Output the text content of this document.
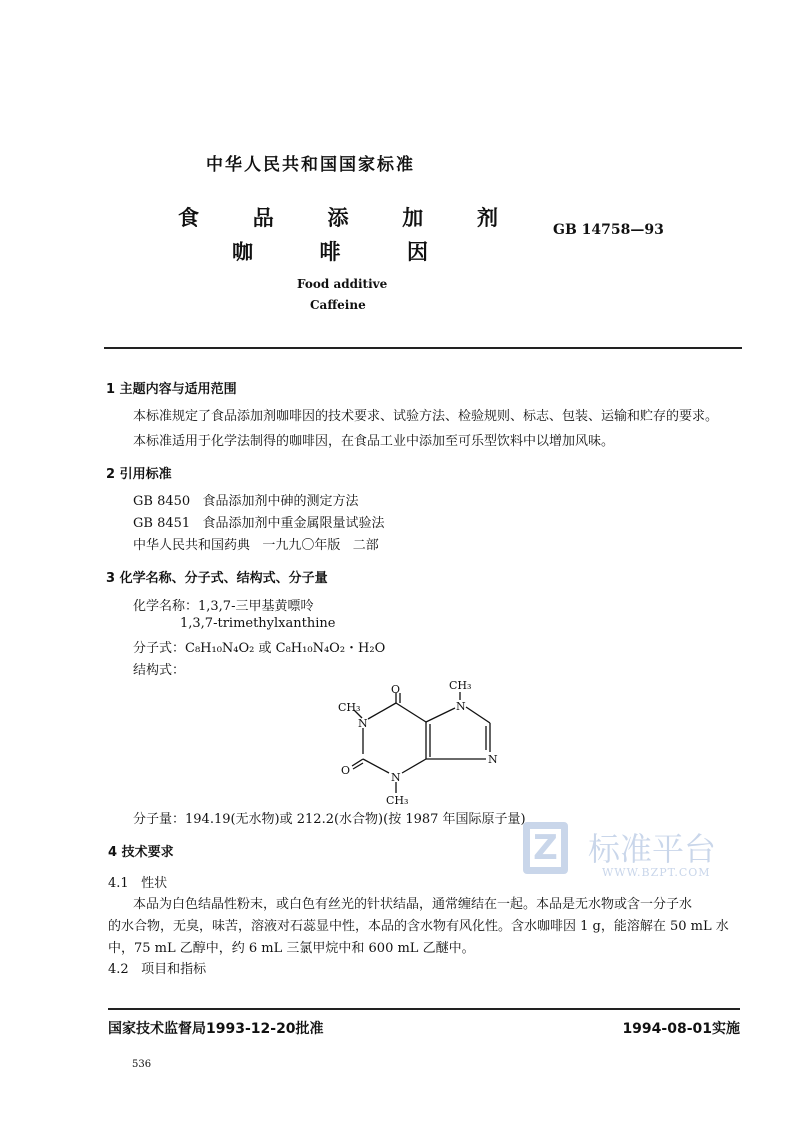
中华人民共和国国家标准
食	品	添	加	剂
咖	啡	因
GB 14758—93
Food additive
Caffeine
1 主题内容与适用范围
本标准规定了食品添加剂咖啡因的技术要求、试验方法、检验规则、标志、包装、运输和贮存的要求。
本标准适用于化学法制得的咖啡因，在食品工业中添加至可乐型饮料中以增加风味。
2 引用标准
GB 8450   食品添加剂中砷的测定方法
GB 8451   食品添加剂中重金属限量试验法
中华人民共和国药典   一九九〇年版   二部
3 化学名称、分子式、结构式、分子量
化学名称：1,3,7-三甲基黄嘌呤
1,3,7-trimethylxanthine
分子式：C₈H₁₀N₄O₂ 或 C₈H₁₀N₄O₂・H₂O
结构式：
O
N
N
N
N
O
CH₃
CH₃
CH₃
分子量：194.19(无水物)或 212.2(水合物)(按 1987 年国际原子量)
Z 标准平台
WWW.BZPT.COM
4 技术要求
4.1   性状
本品为白色结晶性粉末，或白色有丝光的针状结晶，通常缠结在一起。本品是无水物或含一分子水
的水合物，无臭，味苦，溶液对石蕊显中性，本品的含水物有风化性。含水咖啡因 1 g，能溶解在 50 mL 水
中，75 mL 乙醇中，约 6 mL 三氯甲烷中和 600 mL 乙醚中。
4.2   项目和指标
国家技术监督局1993-12-20批准	1994-08-01实施
536
